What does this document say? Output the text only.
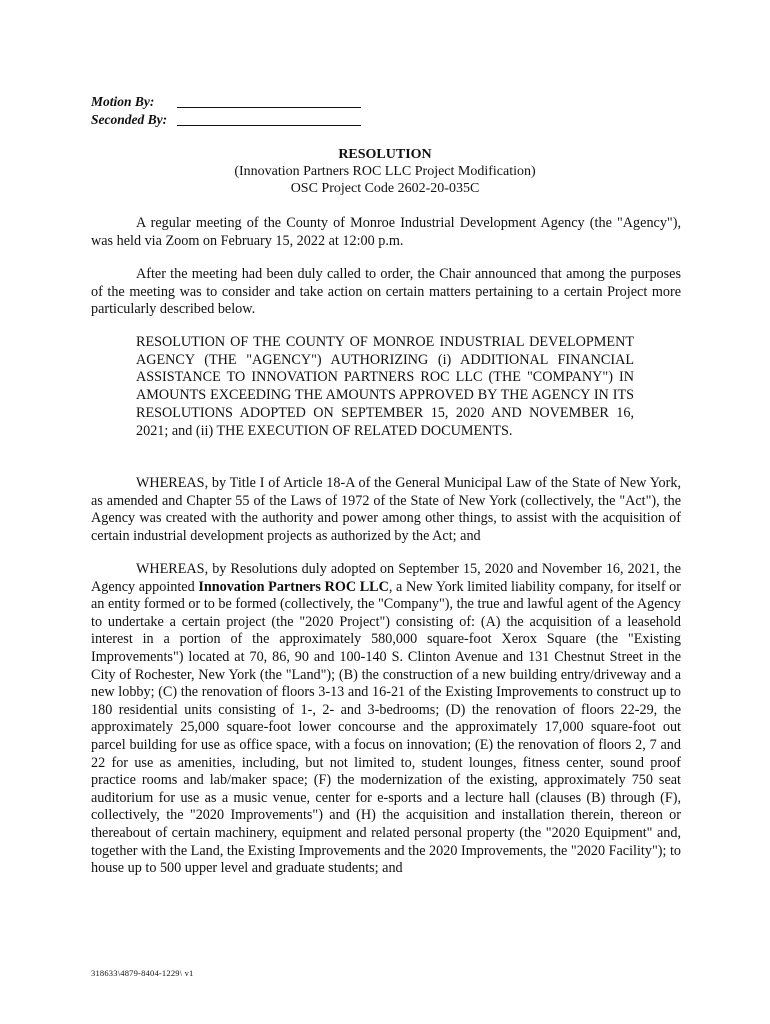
Motion By:
Seconded By:
RESOLUTION
(Innovation Partners ROC LLC Project Modification)
OSC Project Code 2602-20-035C

A regular meeting of the County of Monroe Industrial Development Agency (the "Agency"), was held via Zoom on February 15, 2022 at 12:00 p.m.

After the meeting had been duly called to order, the Chair announced that among the purposes of the meeting was to consider and take action on certain matters pertaining to a certain Project more particularly described below.

RESOLUTION OF THE COUNTY OF MONROE INDUSTRIAL DEVELOPMENT AGENCY (THE "AGENCY") AUTHORIZING (i) ADDITIONAL FINANCIAL ASSISTANCE TO INNOVATION PARTNERS ROC LLC (THE "COMPANY") IN AMOUNTS EXCEEDING THE AMOUNTS APPROVED BY THE AGENCY IN ITS RESOLUTIONS ADOPTED ON SEPTEMBER 15, 2020 AND NOVEMBER 16, 2021; and (ii) THE EXECUTION OF RELATED DOCUMENTS.

WHEREAS, by Title I of Article 18-A of the General Municipal Law of the State of New York, as amended and Chapter 55 of the Laws of 1972 of the State of New York (collectively, the "Act"), the Agency was created with the authority and power among other things, to assist with the acquisition of certain industrial development projects as authorized by the Act; and

WHEREAS, by Resolutions duly adopted on September 15, 2020 and November 16, 2021, the Agency appointed Innovation Partners ROC LLC, a New York limited liability company, for itself or an entity formed or to be formed (collectively, the "Company"), the true and lawful agent of the Agency to undertake a certain project (the "2020 Project") consisting of: (A) the acquisition of a leasehold interest in a portion of the approximately 580,000 square-foot Xerox Square (the "Existing Improvements") located at 70, 86, 90 and 100-140 S. Clinton Avenue and 131 Chestnut Street in the City of Rochester, New York (the "Land"); (B) the construction of a new building entry/driveway and a new lobby; (C) the renovation of floors 3-13 and 16-21 of the Existing Improvements to construct up to 180 residential units consisting of 1-, 2- and 3-bedrooms; (D) the renovation of floors 22-29, the approximately 25,000 square-foot lower concourse and the approximately 17,000 square-foot out parcel building for use as office space, with a focus on innovation; (E) the renovation of floors 2, 7 and 22 for use as amenities, including, but not limited to, student lounges, fitness center, sound proof practice rooms and lab/maker space; (F) the modernization of the existing, approximately 750 seat auditorium for use as a music venue, center for e-sports and a lecture hall (clauses (B) through (F), collectively, the "2020 Improvements") and (H) the acquisition and installation therein, thereon or thereabout of certain machinery, equipment and related personal property (the "2020 Equipment" and, together with the Land, the Existing Improvements and the 2020 Improvements, the "2020 Facility"); to house up to 500 upper level and graduate students; and

318633\4879-8404-1229\ v1
